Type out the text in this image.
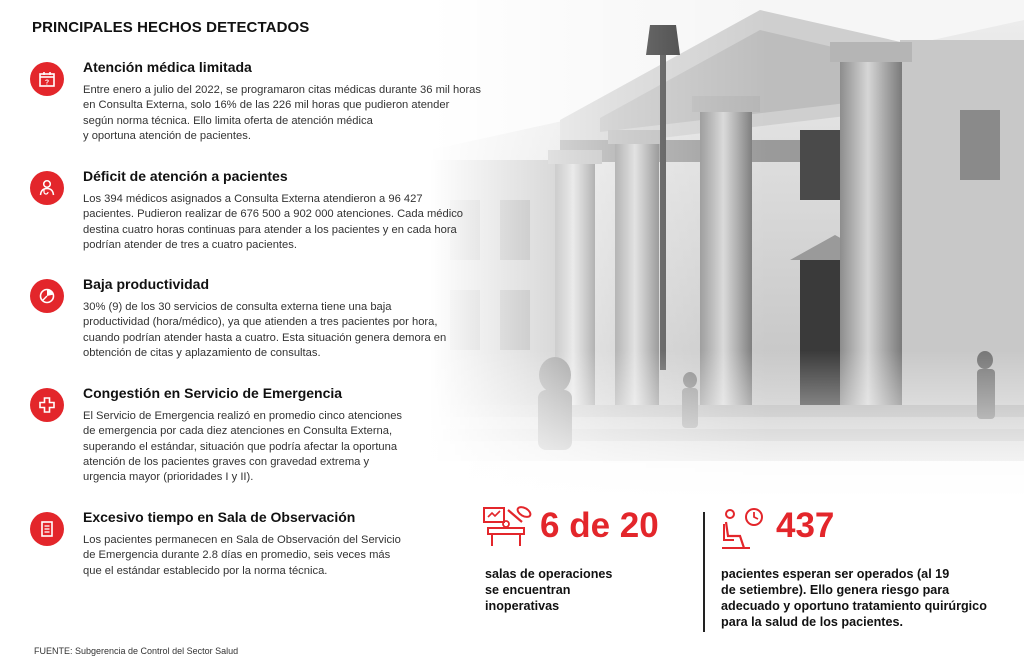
PRINCIPALES HECHOS DETECTADOS
?
Atención médica limitada

Entre enero a julio del 2022, se programaron citas médicas durante 36 mil horas
en Consulta Externa, solo 16% de las 226 mil horas que pudieron atender
según norma técnica. Ello limita oferta de atención médica
y oportuna atención de pacientes.

Déficit de atención a pacientes

Los 394 médicos asignados a Consulta Externa atendieron a 96 427
pacientes. Pudieron realizar de 676 500 a 902 000 atenciones. Cada médico
destina cuatro horas continuas para atender a los pacientes y en cada hora
podrían atender de tres a cuatro pacientes.

Baja productividad

30% (9) de los 30 servicios de consulta externa tiene una baja
productividad (hora/médico), ya que atienden a tres pacientes por hora,
cuando podrían atender hasta a cuatro. Esta situación genera demora en
obtención de citas y aplazamiento de consultas.

Congestión en Servicio de Emergencia

El Servicio de Emergencia realizó en promedio cinco atenciones
de emergencia por cada diez atenciones en Consulta Externa,
superando el estándar, situación que podría afectar la oportuna
atención de los pacientes graves con gravedad extrema y
urgencia mayor (prioridades I y II).

Excesivo tiempo en Sala de Observación

Los pacientes permanecen en Sala de Observación del Servicio
de Emergencia durante 2.8 días en promedio, seis veces más
que el estándar establecido por la norma técnica.

6 de 20
salas de operaciones
se encuentran
inoperativas
437
pacientes esperan ser operados (al 19
de setiembre). Ello genera riesgo para
adecuado y oportuno tratamiento quirúrgico
para la salud de los pacientes.
FUENTE: Subgerencia de Control del Sector Salud
